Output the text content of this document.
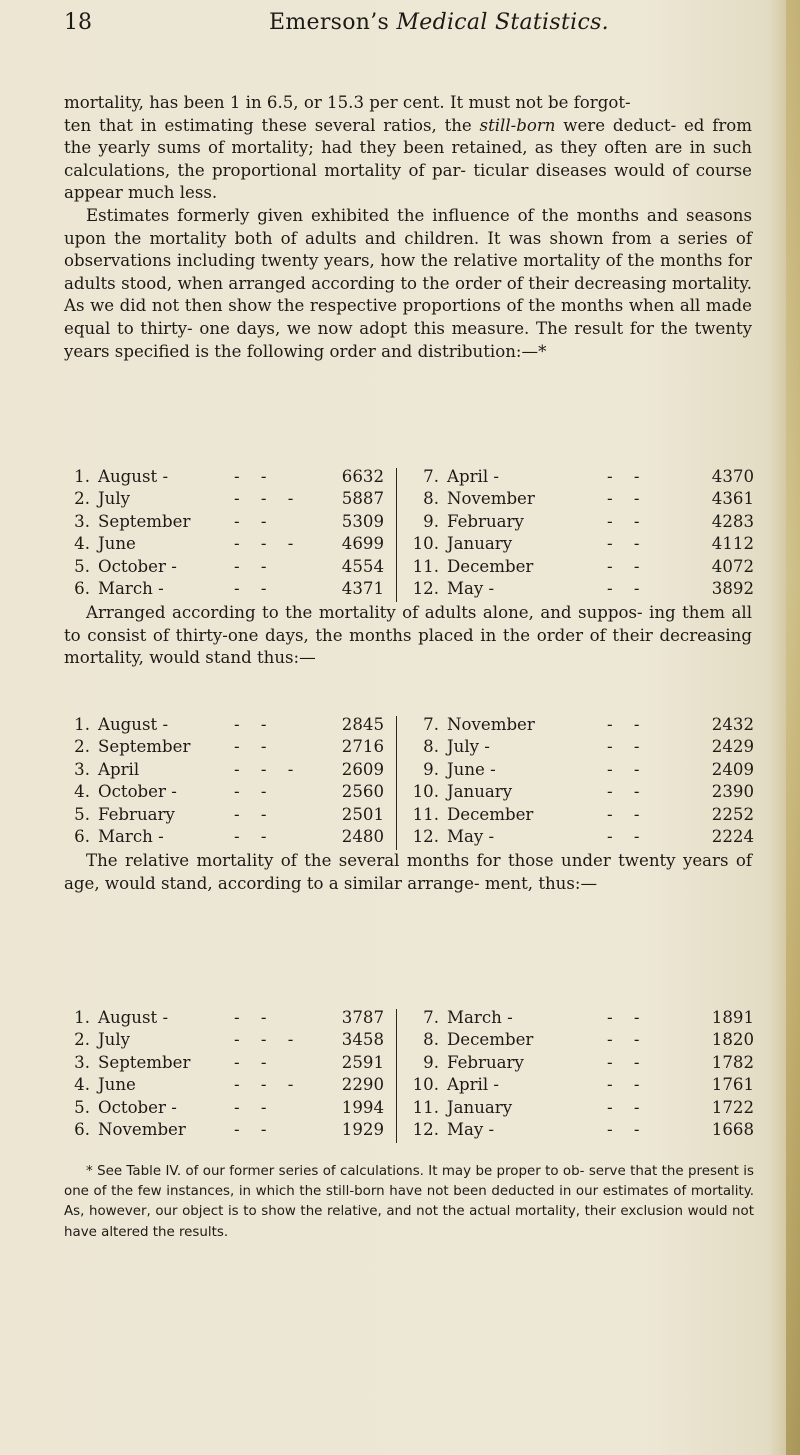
18	Emerson’s Medical Statistics.
mortality, has been 1 in 6.5, or 15.3 per cent. It must not be forgot-
ten that in estimating these several ratios, the still-born were deduct- ed from the yearly sums of mortality; had they been retained, as they often are in such calculations, the proportional mortality of par- ticular diseases would of course appear much less.
Estimates formerly given exhibited the influence of the months and seasons upon the mortality both of adults and children. It was shown from a series of observations including twenty years, how the relative mortality of the months for adults stood, when arranged according to the order of their decreasing mortality. As we did not then show the respective proportions of the months when all made equal to thirty- one days, we now adopt this measure. The result for the twenty years specified is the following order and distribution:—*
1. August -	- -	6632
2. July	- - - 5887
3. September	- -	5309
4. June	- - - 4699
5. October -	- -	4554
6. March -	- -	4371
7. April -	- -	4370
8. November	- -	4361
9. February	- -	4283
10. January	- -	4112
11. December	- -	4072
12. May -	- -	3892
Arranged according to the mortality of adults alone, and suppos- ing them all to consist of thirty-one days, the months placed in the order of their decreasing mortality, would stand thus:—
1. August -	- -	2845
2. September	- -	2716
3. April	- - - 2609
4. October -	- -	2560
5. February	- -	2501
6. March -	- -	2480
7. November	- -	2432
8. July -	- -	2429
9. June -	- -	2409
10. January	- -	2390
11. December	- -	2252
12. May -	- -	2224
The relative mortality of the several months for those under twenty years of age, would stand, according to a similar arrange- ment, thus:—
1. August -	- -	3787
2. July	- - - 3458
3. September	- -	2591
4. June	- - - 2290
5. October -	- -	1994
6. November	- -	1929
7. March -	- -	1891
8. December	- -	1820
9. February	- -	1782
10. April -	- -	1761
11. January	- -	1722
12. May -	- -	1668

* See Table IV. of our former series of calculations. It may be proper to ob- serve that the present is one of the few instances, in which the still-born have not been deducted in our estimates of mortality. As, however, our object is to show the relative, and not the actual mortality, their exclusion would not have altered the results.
